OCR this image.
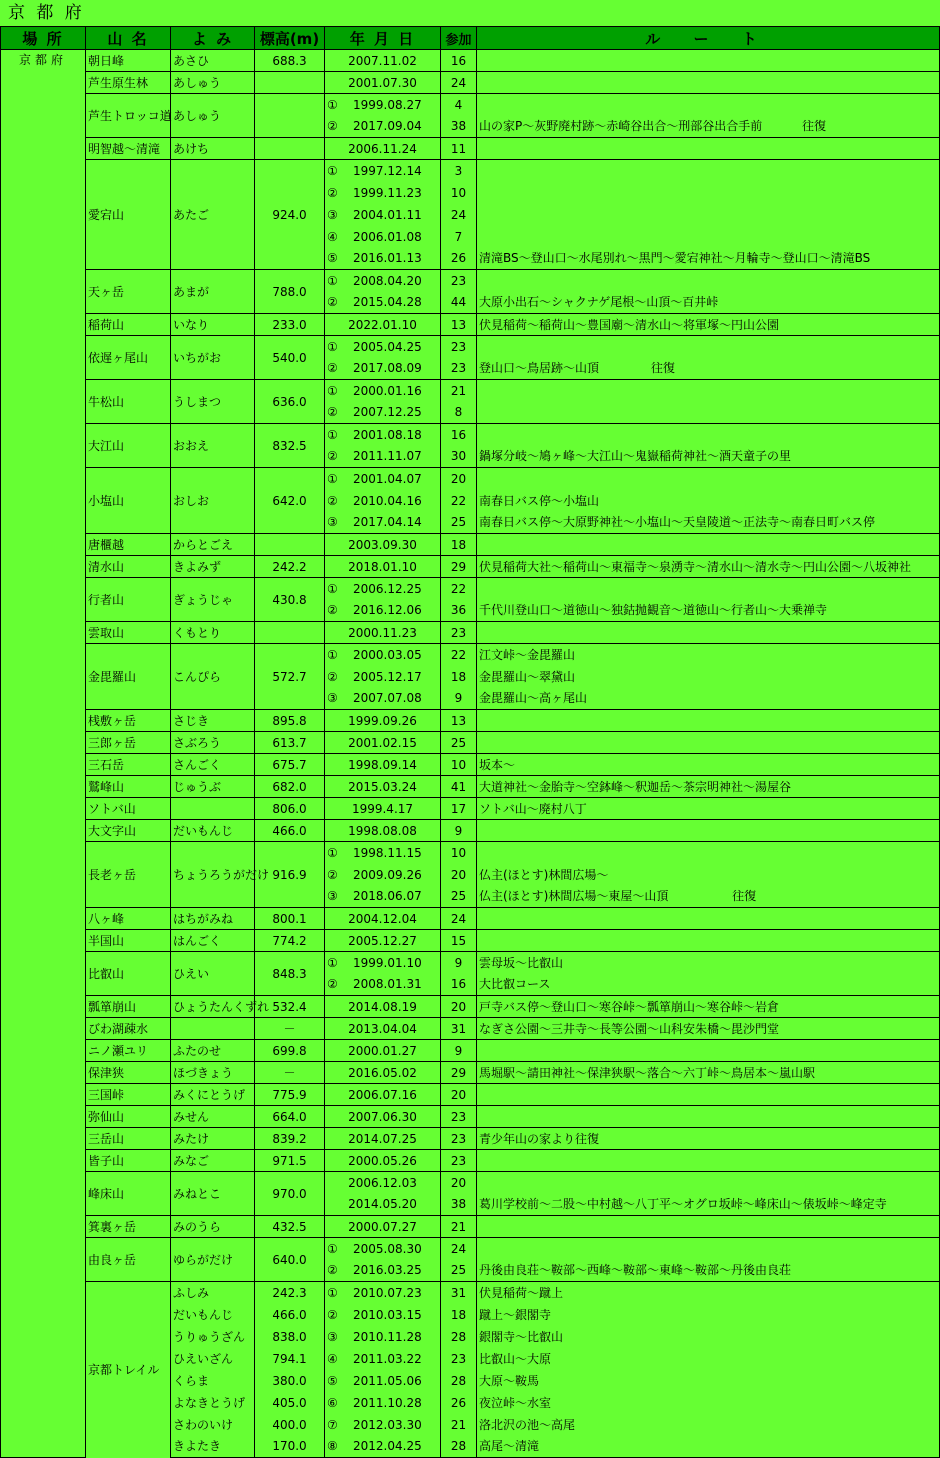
京 都 府
場 所	山 名	よ み	標高(m)	年 月 日	参加	ル ー ト
京都府	朝日峰	あさひ	688.3	2007.11.02	16	
	芦生原生林	あしゅう		2001.07.30	24	
	芦生トロッコ道	あしゅう		① 1999.08.27	4	
				② 2017.09.04	38	山の家P～灰野廃村跡～赤崎谷出合～刑部谷出合手前 　　　往復
	明智越～清滝	あけち		2006.11.24	11	
	愛宕山	あたご	924.0	① 1997.12.14	3	
				② 1999.11.23	10	
				③ 2004.01.11	24	
				④ 2006.01.08	7	
				⑤ 2016.01.13	26	清滝BS～登山口～水尾別れ～黒門～愛宕神社～月輪寺～登山口～清滝BS
	天ヶ岳	あまが	788.0	① 2008.04.20	23	
				② 2015.04.28	44	大原小出石～シャクナゲ尾根～山頂～百井峠
	稲荷山	いなり	233.0	2022.01.10	13	伏見稲荷～稲荷山～豊国廟～清水山～将軍塚～円山公園
	依遅ヶ尾山	いちがお	540.0	① 2005.04.25	23	
				② 2017.08.09	23	登山口～鳥居跡～山頂 　　　　往復
	牛松山	うしまつ	636.0	① 2000.01.16	21	
				② 2007.12.25	8	
	大江山	おおえ	832.5	① 2001.08.18	16	
				② 2011.11.07	30	鍋塚分岐～鳩ヶ峰～大江山～鬼嶽稲荷神社～酒天童子の里
	小塩山	おしお	642.0	① 2001.04.07	20	
				② 2010.04.16	22	南春日バス停～小塩山
				③ 2017.04.14	25	南春日バス停～大原野神社～小塩山～天皇陵道～正法寺～南春日町バス停
	唐櫃越	からとごえ		2003.09.30	18	
	清水山	きよみず	242.2	2018.01.10	29	伏見稲荷大社～稲荷山～東福寺～泉湧寺～清水山～清水寺～円山公園～八坂神社
	行者山	ぎょうじゃ	430.8	① 2006.12.25	22	
				② 2016.12.06	36	千代川登山口～道徳山～独鈷抛観音～道徳山～行者山～大乗禅寺
	雲取山	くもとり		2000.11.23	23	
	金毘羅山	こんぴら	572.7	① 2000.03.05	22	江文峠～金毘羅山
				② 2005.12.17	18	金毘羅山～翠黛山
				③ 2007.07.08	9	金毘羅山～高ヶ尾山
	桟敷ヶ岳	さじき	895.8	1999.09.26	13	
	三郎ヶ岳	さぶろう	613.7	2001.02.15	25	
	三石岳	さんごく	675.7	1998.09.14	10	坂本～
	鷲峰山	じゅうぶ	682.0	2015.03.24	41	大道神社～金胎寺～空鉢峰～釈迦岳～茶宗明神社～湯屋谷
	ソトバ山		806.0	1999.4.17	17	ソトバ山～廃村八丁
	大文字山	だいもんじ	466.0	1998.08.08	9	
	長老ヶ岳	ちょうろうがだけ	916.9	① 1998.11.15	10	
				② 2009.09.26	20	仏主(ほとす)林間広場～
				③ 2018.06.07	25	仏主(ほとす)林間広場～東屋～山頂 　　　　　往復
	八ヶ峰	はちがみね	800.1	2004.12.04	24	
	半国山	はんごく	774.2	2005.12.27	15	
	比叡山	ひえい	848.3	① 1999.01.10	9	雲母坂～比叡山
				② 2008.01.31	16	大比叡コース
	瓢箪崩山	ひょうたんくずれ	532.4	2014.08.19	20	戸寺バス停～登山口～寒谷峠～瓢箪崩山～寒谷峠～岩倉
	びわ湖疎水		－	2013.04.04	31	なぎさ公園～三井寺～長等公園～山科安朱橋～毘沙門堂
	ニノ瀬ユリ	ふたのせ	699.8	2000.01.27	9	
	保津狭	ほづきょう	－	2016.05.02	29	馬堀駅～請田神社～保津狭駅～落合～六丁峠～鳥居本～嵐山駅
	三国峠	みくにとうげ	775.9	2006.07.16	20	
	弥仙山	みせん	664.0	2007.06.30	23	
	三岳山	みたけ	839.2	2014.07.25	23	青少年山の家より往復
	皆子山	みなご	971.5	2000.05.26	23	
	峰床山	みねとこ	970.0	2006.12.03	20	
				2014.05.20	38	葛川学校前～二股～中村越～八丁平～オグロ坂峠～峰床山～俵坂峠～峰定寺
	箕裏ヶ岳	みのうら	432.5	2000.07.27	21	
	由良ヶ岳	ゆらがだけ	640.0	① 2005.08.30	24	
				② 2016.03.25	25	丹後由良荘～鞍部～西峰～鞍部～東峰～鞍部～丹後由良荘
	京都トレイル	ふしみ	242.3	① 2010.07.23	31	伏見稲荷～蹴上
		だいもんじ	466.0	② 2010.03.15	18	蹴上～銀閣寺
		うりゅうざん	838.0	③ 2010.11.28	28	銀閣寺～比叡山
		ひえいざん	794.1	④ 2011.03.22	23	比叡山～大原
		くらま	380.0	⑤ 2011.05.06	28	大原～鞍馬
		よなきとうげ	405.0	⑥ 2011.10.28	26	夜泣峠～水室
		さわのいけ	400.0	⑦ 2012.03.30	21	洛北沢の池～高尾
		きよたき	170.0	⑧ 2012.04.25	28	高尾～清滝
